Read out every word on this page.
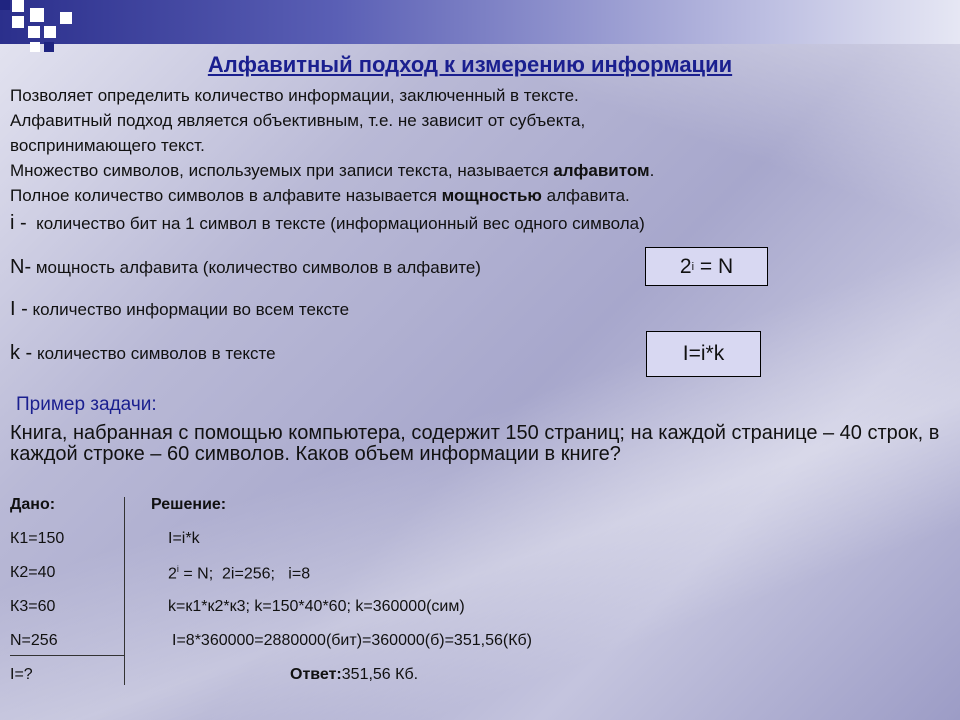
Алфавитный подход к измерению информации
Позволяет определить количество информации, заключенный в тексте.
Алфавитный подход является объективным, т.е. не зависит от субъекта,
воспринимающего текст.
Множество символов, используемых при записи текста, называется алфавитом.
Полное количество символов в алфавите называется мощностью алфавита.
i - количество бит на 1 символ в тексте (информационный вес одного символа)
N- мощность алфавита (количество символов в алфавите)
I - количество информации во всем тексте
k - количество символов в тексте
2 i = N
I=i*k
Пример задачи:
Книга, набранная с помощью компьютера, содержит 150 страниц; на каждой странице – 40 строк, в каждой строке – 60 символов. Каков объем информации в книге?
Дано:	Решение:
К1=150
К2=40
К3=60
N=256
I=?
I=i*k
$2^i = N$;  2i=256;   i=8
k=к1*к2*к3; k=150*40*60; k=360000(сим)
I=8*360000=2880000(бит)=360000(б)=351,56(Кб)
Ответ:351,56 Кб.
